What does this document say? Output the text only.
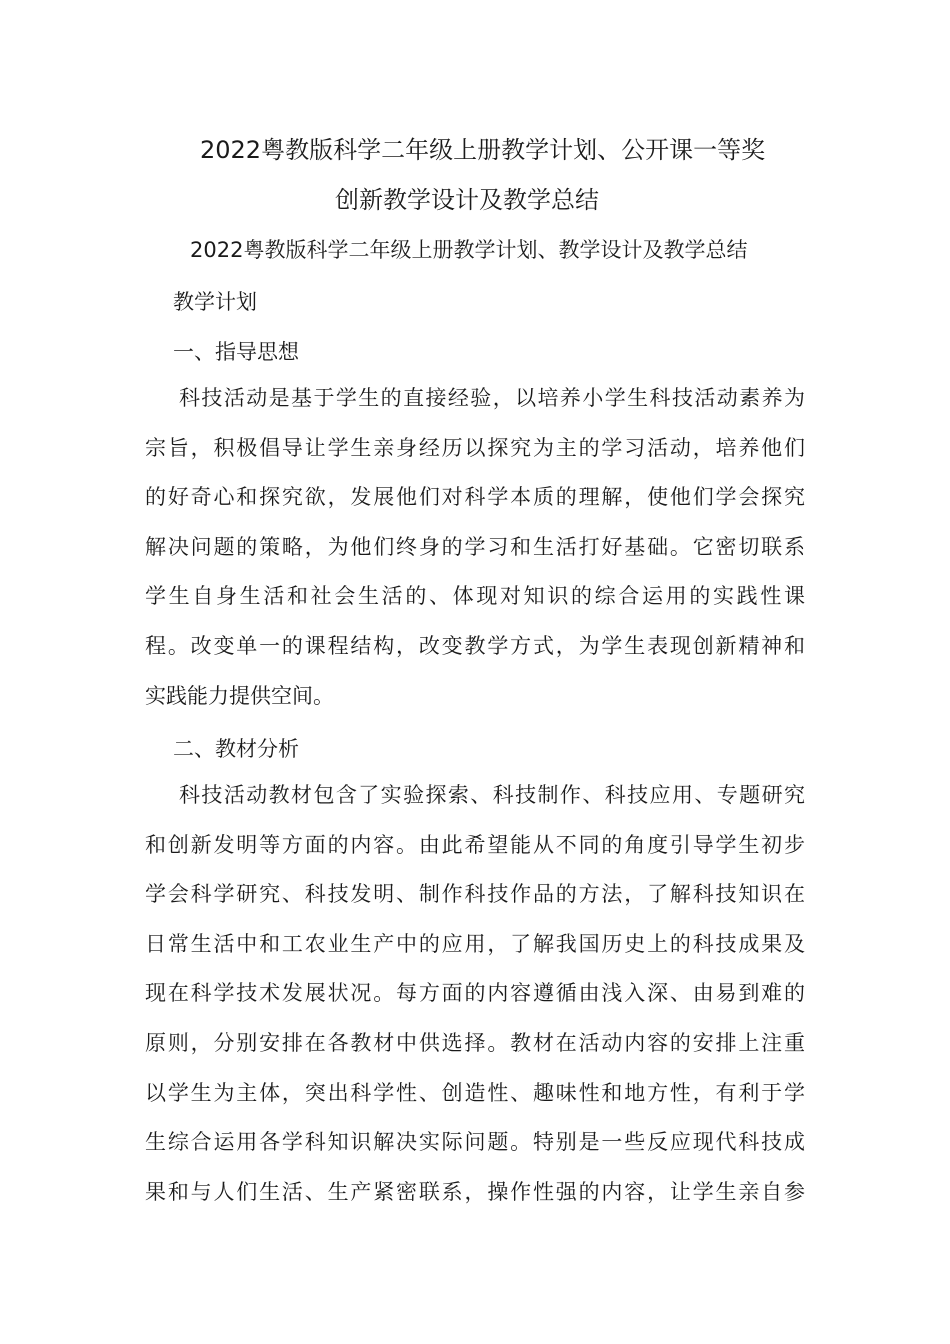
2022粤教版科学二年级上册教学计划、公开课一等奖
创新教学设计及教学总结
2022粤教版科学二年级上册教学计划、教学设计及教学总结
教学计划
一、指导思想
科技活动是基于学生的直接经验，以培养小学生科技活动素养为
宗旨，积极倡导让学生亲身经历以探究为主的学习活动，培养他们
的好奇心和探究欲，发展他们对科学本质的理解，使他们学会探究
解决问题的策略，为他们终身的学习和生活打好基础。它密切联系
学生自身生活和社会生活的、体现对知识的综合运用的实践性课
程。改变单一的课程结构，改变教学方式，为学生表现创新精神和
实践能力提供空间。
二、教材分析
科技活动教材包含了实验探索、科技制作、科技应用、专题研究
和创新发明等方面的内容。由此希望能从不同的角度引导学生初步
学会科学研究、科技发明、制作科技作品的方法，了解科技知识在
日常生活中和工农业生产中的应用，了解我国历史上的科技成果及
现在科学技术发展状况。每方面的内容遵循由浅入深、由易到难的
原则，分别安排在各教材中供选择。教材在活动内容的安排上注重
以学生为主体，突出科学性、创造性、趣味性和地方性，有利于学
生综合运用各学科知识解决实际问题。特别是一些反应现代科技成
果和与人们生活、生产紧密联系，操作性强的内容，让学生亲自参
